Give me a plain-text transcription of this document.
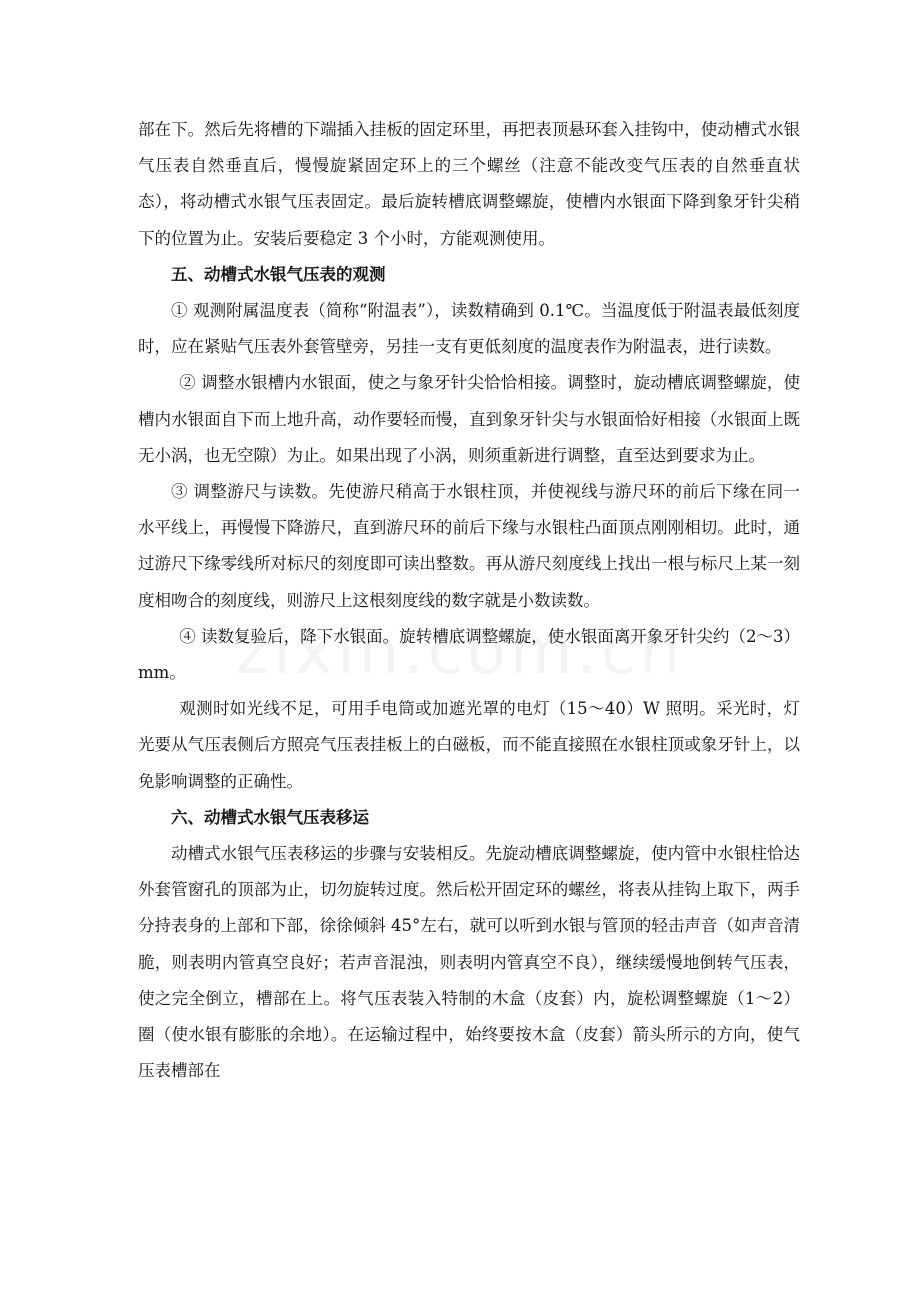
部在下。然后先将槽的下端插入挂板的固定环里，再把表顶悬环套入挂钩中，使动槽式水银气压表自然垂直后，慢慢旋紧固定环上的三个螺丝（注意不能改变气压表的自然垂直状态），将动槽式水银气压表固定。最后旋转槽底调整螺旋，使槽内水银面下降到象牙针尖稍下的位置为止。安装后要稳定 3 个小时，方能观测使用。

五、动槽式水银气压表的观测

① 观测附属温度表（简称“附温表”），读数精确到 0.1℃。当温度低于附温表最低刻度时，应在紧贴气压表外套管壁旁，另挂一支有更低刻度的温度表作为附温表，进行读数。

② 调整水银槽内水银面，使之与象牙针尖恰恰相接。调整时，旋动槽底调整螺旋，使槽内水银面自下而上地升高，动作要轻而慢，直到象牙针尖与水银面恰好相接（水银面上既无小涡，也无空隙）为止。如果出现了小涡，则须重新进行调整，直至达到要求为止。

③ 调整游尺与读数。先使游尺稍高于水银柱顶，并使视线与游尺环的前后下缘在同一水平线上，再慢慢下降游尺，直到游尺环的前后下缘与水银柱凸面顶点刚刚相切。此时，通过游尺下缘零线所对标尺的刻度即可读出整数。再从游尺刻度线上找出一根与标尺上某一刻度相吻合的刻度线，则游尺上这根刻度线的数字就是小数读数。

④ 读数复验后，降下水银面。旋转槽底调整螺旋，使水银面离开象牙针尖约（2～3）mm。

观测时如光线不足，可用手电筒或加遮光罩的电灯（15～40）W 照明。采光时，灯光要从气压表侧后方照亮气压表挂板上的白磁板，而不能直接照在水银柱顶或象牙针上，以免影响调整的正确性。

六、动槽式水银气压表移运

动槽式水银气压表移运的步骤与安装相反。先旋动槽底调整螺旋，使内管中水银柱恰达外套管窗孔的顶部为止，切勿旋转过度。然后松开固定环的螺丝，将表从挂钩上取下，两手分持表身的上部和下部，徐徐倾斜 45°左右，就可以听到水银与管顶的轻击声音（如声音清脆，则表明内管真空良好；若声音混浊，则表明内管真空不良），继续缓慢地倒转气压表，使之完全倒立，槽部在上。将气压表装入特制的木盒（皮套）内，旋松调整螺旋（1～2）圈（使水银有膨胀的余地）。在运输过程中，始终要按木盒（皮套）箭头所示的方向，使气压表槽部在
